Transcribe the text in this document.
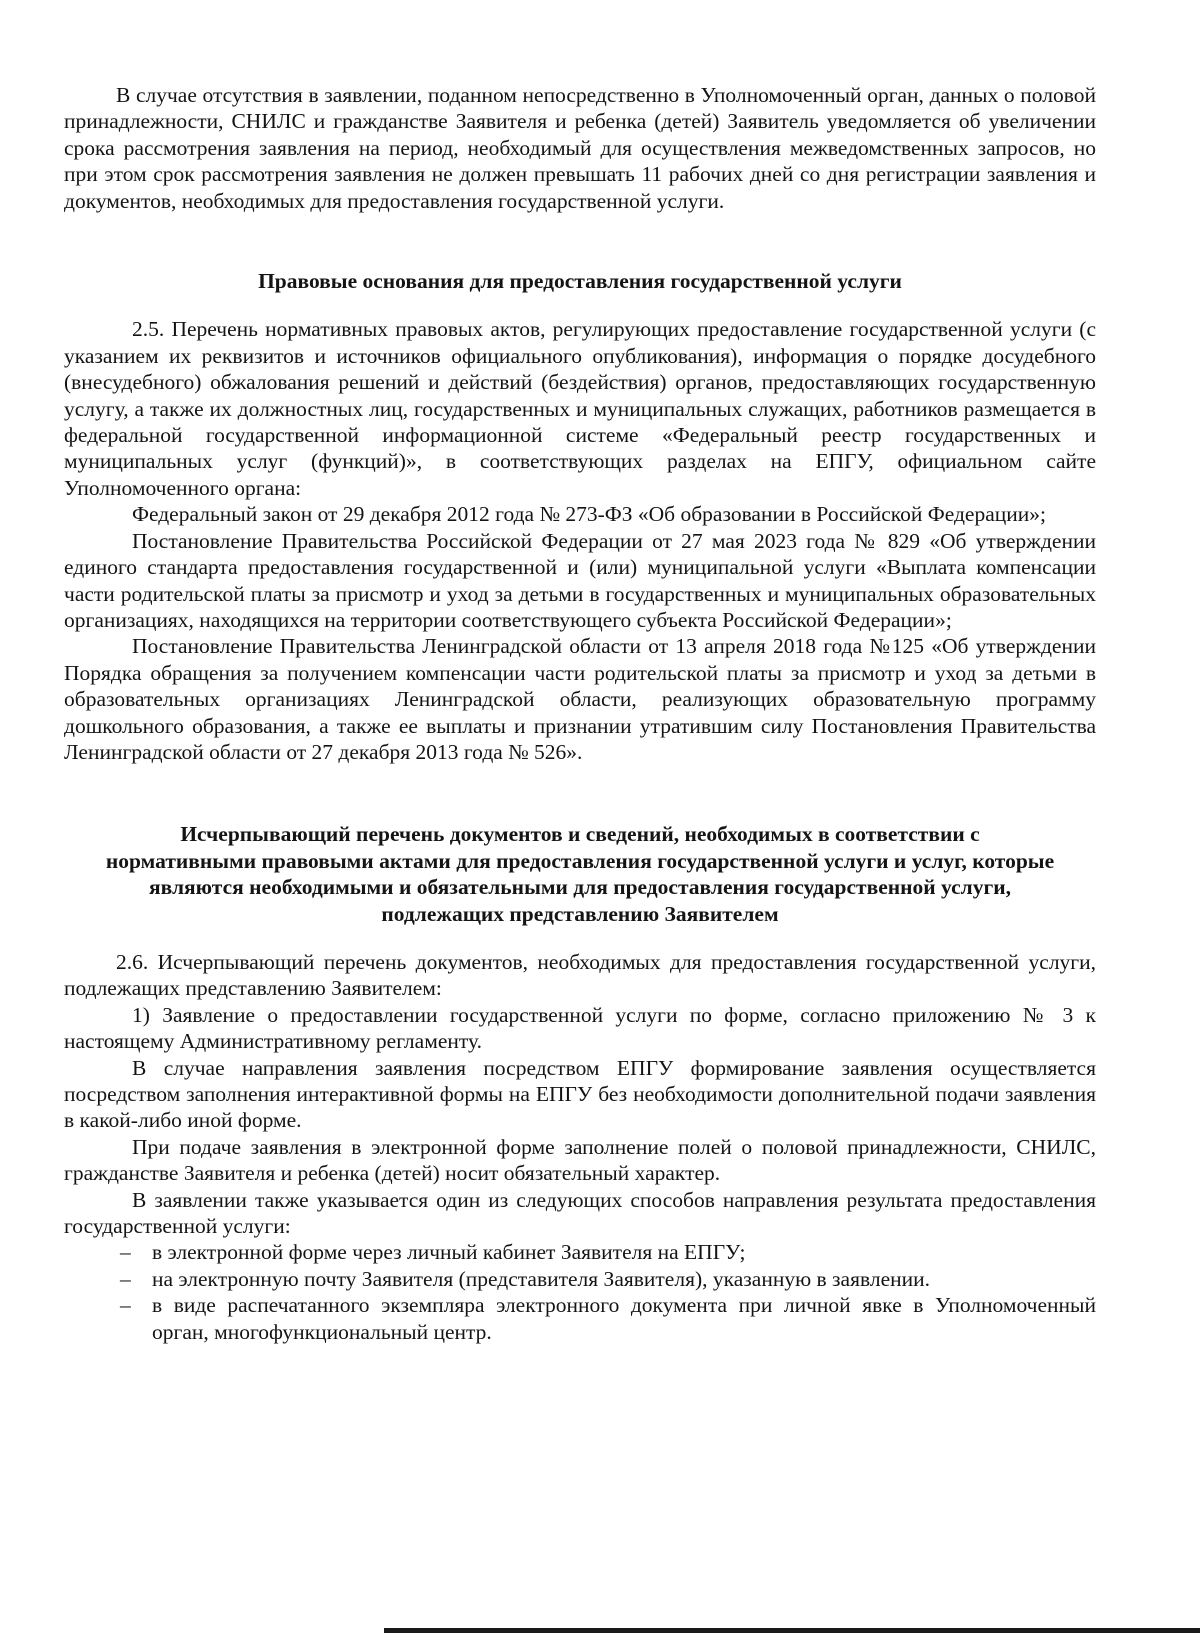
В случае отсутствия в заявлении, поданном непосредственно в Уполномоченный орган, данных о половой принадлежности, СНИЛС и гражданстве Заявителя и ребенка (детей) Заявитель уведомляется об увеличении срока рассмотрения заявления на период, необходимый для осуществления межведомственных запросов, но при этом срок рассмотрения заявления не должен превышать 11 рабочих дней со дня регистрации заявления и документов, необходимых для предоставления государственной услуги.

Правовые основания для предоставления государственной услуги

2.5. Перечень нормативных правовых актов, регулирующих предоставление государственной услуги (с указанием их реквизитов и источников официального опубликования), информация о порядке досудебного (внесудебного) обжалования решений и действий (бездействия) органов, предоставляющих государственную услугу, а также их должностных лиц, государственных и муниципальных служащих, работников размещается в федеральной государственной информационной системе «Федеральный реестр государственных и муниципальных услуг (функций)», в соответствующих разделах на ЕПГУ, официальном сайте Уполномоченного органа:

Федеральный закон от 29 декабря 2012 года № 273-ФЗ «Об образовании в Российской Федерации»;

Постановление Правительства Российской Федерации от 27 мая 2023 года № 829 «Об утверждении единого стандарта предоставления государственной и (или) муниципальной услуги «Выплата компенсации части родительской платы за присмотр и уход за детьми в государственных и муниципальных образовательных организациях, находящихся на территории соответствующего субъекта Российской Федерации»;

Постановление Правительства Ленинградской области от 13 апреля 2018 года №125 «Об утверждении Порядка обращения за получением компенсации части родительской платы за присмотр и уход за детьми в образовательных организациях Ленинградской области, реализующих образовательную программу дошкольного образования, а также ее выплаты и признании утратившим силу Постановления Правительства Ленинградской области от 27 декабря 2013 года № 526».

Исчерпывающий перечень документов и сведений, необходимых в соответствии с нормативными правовыми актами для предоставления государственной услуги и услуг, которые являются необходимыми и обязательными для предоставления государственной услуги, подлежащих представлению Заявителем

2.6. Исчерпывающий перечень документов, необходимых для предоставления государственной услуги, подлежащих представлению Заявителем:

1) Заявление о предоставлении государственной услуги по форме, согласно приложению № 3 к настоящему Административному регламенту.

В случае направления заявления посредством ЕПГУ формирование заявления осуществляется посредством заполнения интерактивной формы на ЕПГУ без необходимости дополнительной подачи заявления в какой-либо иной форме.

При подаче заявления в электронной форме заполнение полей о половой принадлежности, СНИЛС, гражданстве Заявителя и ребенка (детей) носит обязательный характер.

В заявлении также указывается один из следующих способов направления результата предоставления государственной услуги:

– в электронной форме через личный кабинет Заявителя на ЕПГУ;
– на электронную почту Заявителя (представителя Заявителя), указанную в заявлении.
– в виде распечатанного экземпляра электронного документа при личной явке в Уполномоченный орган, многофункциональный центр.
